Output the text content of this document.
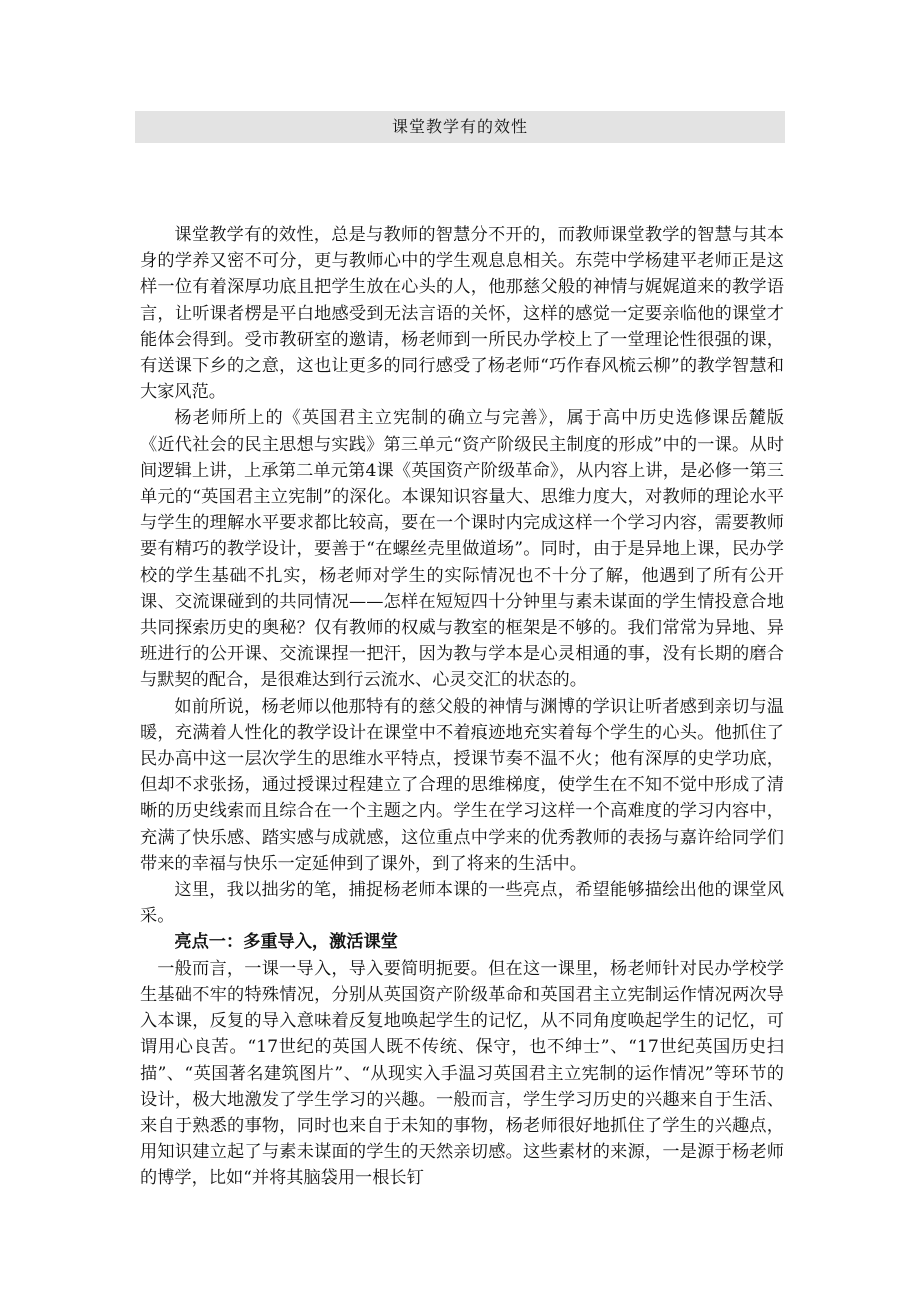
课堂教学有的效性

课堂教学有的效性，总是与教师的智慧分不开的，而教师课堂教学的智慧与其本身的学养又密不可分，更与教师心中的学生观息息相关。东莞中学杨建平老师正是这样一位有着深厚功底且把学生放在心头的人，他那慈父般的神情与娓娓道来的教学语言，让听课者楞是平白地感受到无法言语的关怀，这样的感觉一定要亲临他的课堂才能体会得到。受市教研室的邀请，杨老师到一所民办学校上了一堂理论性很强的课，有送课下乡的之意，这也让更多的同行感受了杨老师“巧作春风梳云柳”的教学智慧和大家风范。

杨老师所上的《英国君主立宪制的确立与完善》，属于高中历史选修课岳麓版《近代社会的民主思想与实践》第三单元“资产阶级民主制度的形成”中的一课。从时间逻辑上讲，上承第二单元第4课《英国资产阶级革命》，从内容上讲，是必修一第三单元的“英国君主立宪制”的深化。本课知识容量大、思维力度大，对教师的理论水平与学生的理解水平要求都比较高，要在一个课时内完成这样一个学习内容，需要教师要有精巧的教学设计，要善于“在螺丝壳里做道场”。同时，由于是异地上课，民办学校的学生基础不扎实，杨老师对学生的实际情况也不十分了解，他遇到了所有公开课、交流课碰到的共同情况——怎样在短短四十分钟里与素未谋面的学生情投意合地共同探索历史的奥秘？仅有教师的权威与教室的框架是不够的。我们常常为异地、异班进行的公开课、交流课捏一把汗，因为教与学本是心灵相通的事，没有长期的磨合与默契的配合，是很难达到行云流水、心灵交汇的状态的。

如前所说，杨老师以他那特有的慈父般的神情与渊博的学识让听者感到亲切与温暖，充满着人性化的教学设计在课堂中不着痕迹地充实着每个学生的心头。他抓住了民办高中这一层次学生的思维水平特点，授课节奏不温不火；他有深厚的史学功底，但却不求张扬，通过授课过程建立了合理的思维梯度，使学生在不知不觉中形成了清晰的历史线索而且综合在一个主题之内。学生在学习这样一个高难度的学习内容中，充满了快乐感、踏实感与成就感，这位重点中学来的优秀教师的表扬与嘉许给同学们带来的幸福与快乐一定延伸到了课外，到了将来的生活中。

这里，我以拙劣的笔，捕捉杨老师本课的一些亮点，希望能够描绘出他的课堂风采。

亮点一：多重导入，激活课堂

一般而言，一课一导入，导入要简明扼要。但在这一课里，杨老师针对民办学校学生基础不牢的特殊情况，分别从英国资产阶级革命和英国君主立宪制运作情况两次导入本课，反复的导入意味着反复地唤起学生的记忆，从不同角度唤起学生的记忆，可谓用心良苦。“17世纪的英国人既不传统、保守，也不绅士”、“17世纪英国历史扫描”、“英国著名建筑图片”、“从现实入手温习英国君主立宪制的运作情况”等环节的设计，极大地激发了学生学习的兴趣。一般而言，学生学习历史的兴趣来自于生活、来自于熟悉的事物，同时也来自于未知的事物，杨老师很好地抓住了学生的兴趣点，用知识建立起了与素未谋面的学生的天然亲切感。这些素材的来源，一是源于杨老师的博学，比如“并将其脑袋用一根长钉
